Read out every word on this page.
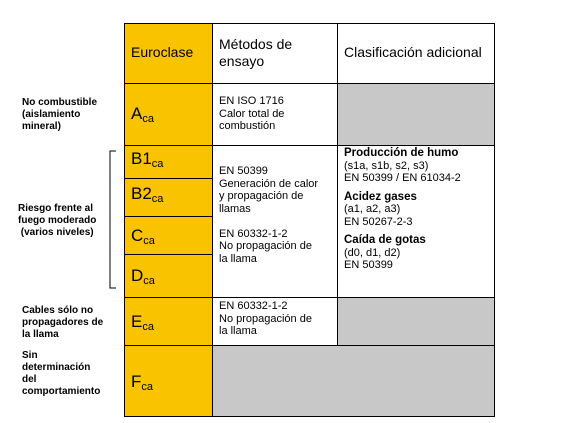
No combustible
(aislamiento
mineral)
Riesgo frente al
fuego moderado
(varios niveles)
Cables sólo no
propagadores de
la llama
Sin
determinación
del
comportamiento
Euroclase	Métodos de ensayo
Clasificación adicional
$A_{ca}$
$B1_{ca}$
$B2_{ca}$
$C_{ca}$
$D_{ca}$
$E_{ca}$
$F_{ca}$
EN ISO 1716
Calor total de
combustión
EN 50399
Generación de calor
y propagación de
llamas
EN 60332-1-2
No propagación de
la llama
EN 60332-1-2
No propagación de
la llama
Producción de humo
(s1a, s1b, s2, s3)
EN 50399 / EN 61034-2
Acidez gases
(a1, a2, a3)
EN 50267-2-3
Caída de gotas
(d0, d1, d2)
EN 50399
